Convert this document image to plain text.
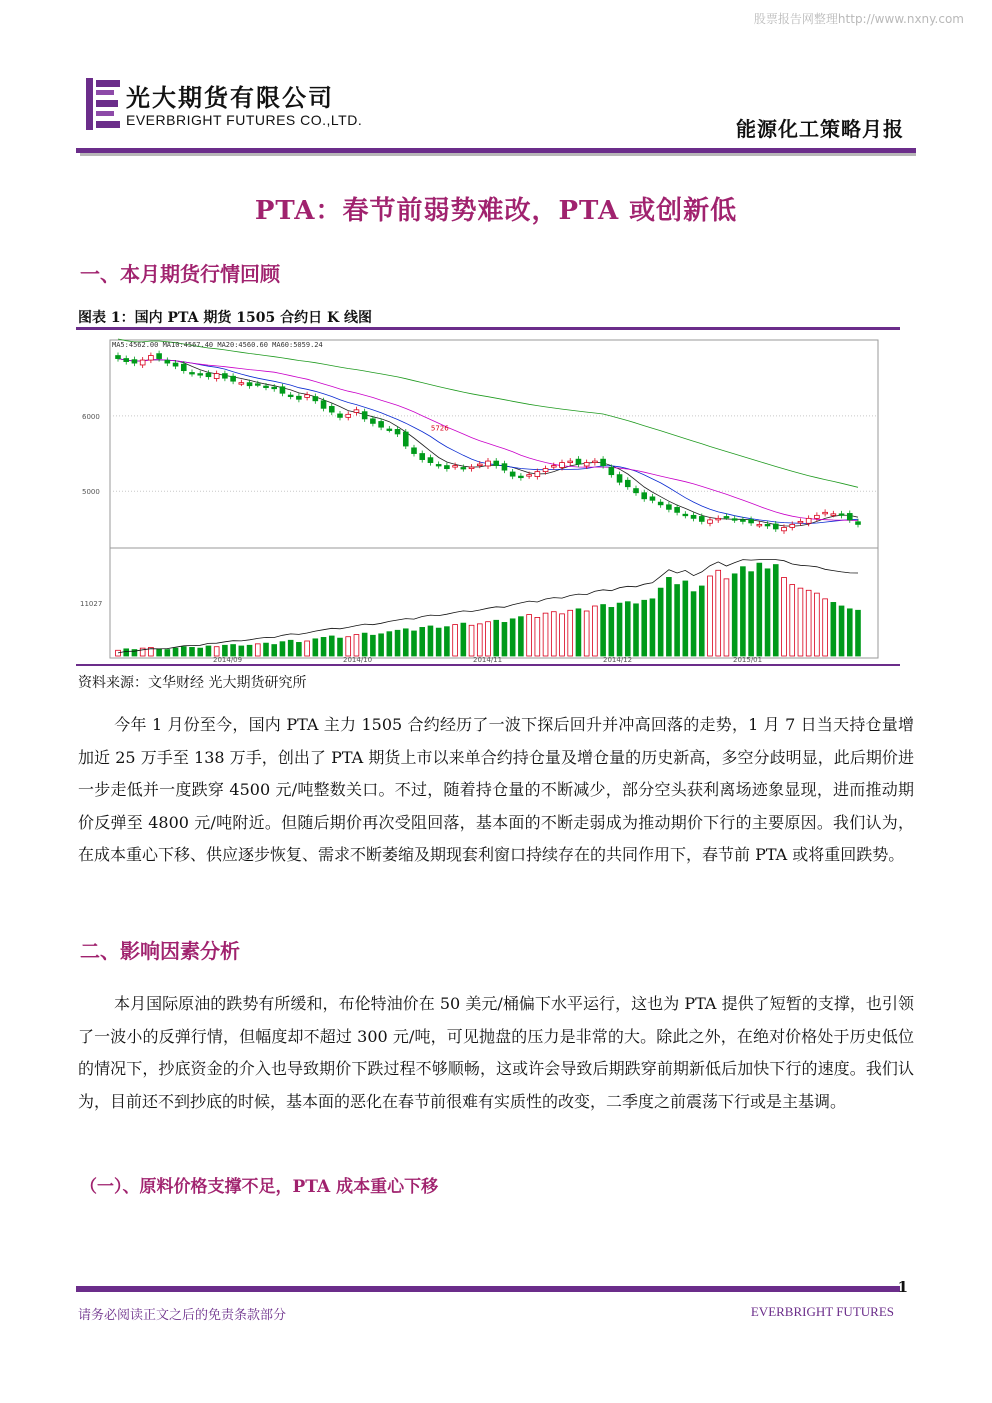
股票报告网整理http://www.nxny.com
光大期货有限公司
EVERBRIGHT FUTURES CO.,LTD.	能源化工策略月报
PTA：春节前弱势难改，PTA 或创新低
一、本月期货行情回顾
图表 1：国内 PTA 期货 1505 合约日 K 线图
6000
5000
11027
2014/09	2014/10	2014/11	2014/12	2015/01
5726
MA5:4562.00 MA10:4567.40 MA20:4560.60 MA60:5059.24
资料来源：文华财经 光大期货研究所

今年 1 月份至今，国内 PTA 主力 1505 合约经历了一波下探后回升并冲高回落的走势，1 月 7 日当天持仓量增加近 25 万手至 138 万手，创出了 PTA 期货上市以来单合约持仓量及增仓量的历史新高，多空分歧明显，此后期价进一步走低并一度跌穿 4500 元/吨整数关口。不过，随着持仓量的不断减少，部分空头获利离场迹象显现，进而推动期价反弹至 4800 元/吨附近。但随后期价再次受阻回落，基本面的不断走弱成为推动期价下行的主要原因。我们认为，在成本重心下移、供应逐步恢复、需求不断萎缩及期现套利窗口持续存在的共同作用下，春节前 PTA 或将重回跌势。

二、影响因素分析

本月国际原油的跌势有所缓和，布伦特油价在 50 美元/桶偏下水平运行，这也为 PTA 提供了短暂的支撑，也引领了一波小的反弹行情，但幅度却不超过 300 元/吨，可见抛盘的压力是非常的大。除此之外，在绝对价格处于历史低位的情况下，抄底资金的介入也导致期价下跌过程不够顺畅，这或许会导致后期跌穿前期新低后加快下行的速度。我们认为，目前还不到抄底的时候，基本面的恶化在春节前很难有实质性的改变，二季度之前震荡下行或是主基调。

（一）、原料价格支撑不足，PTA 成本重心下移
1
请务必阅读正文之后的免责条款部分	EVERBRIGHT FUTURES
